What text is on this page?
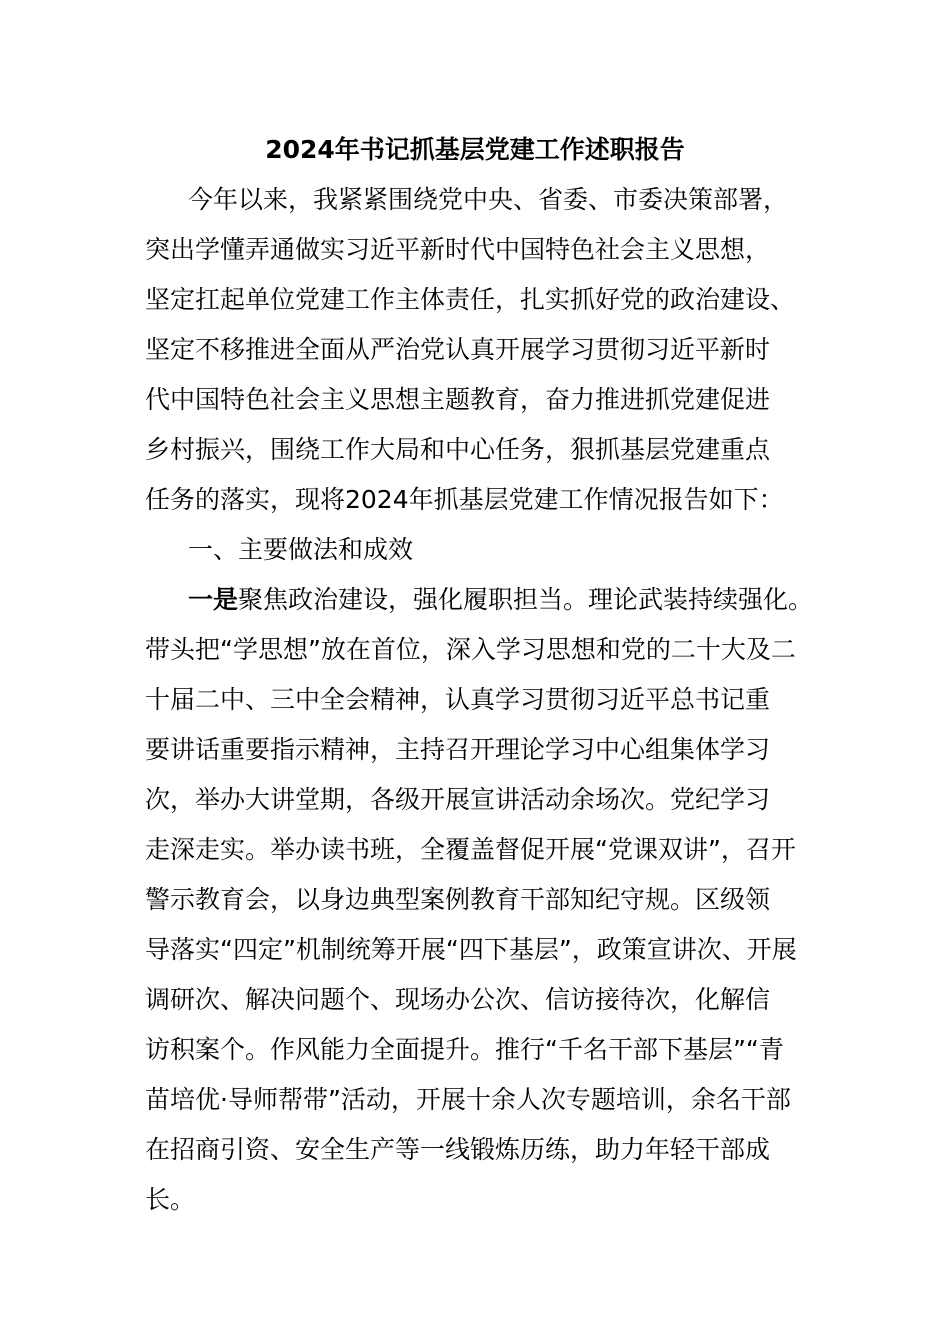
2024年书记抓基层党建工作述职报告
今年以来，我紧紧围绕党中央、省委、市委决策部署，
突出学懂弄通做实习近平新时代中国特色社会主义思想，
坚定扛起单位党建工作主体责任，扎实抓好党的政治建设、
坚定不移推进全面从严治党认真开展学习贯彻习近平新时
代中国特色社会主义思想主题教育，奋力推进抓党建促进
乡村振兴，围绕工作大局和中心任务，狠抓基层党建重点
任务的落实，现将2024年抓基层党建工作情况报告如下：
一、主要做法和成效
一是聚焦政治建设，强化履职担当。理论武装持续强化。
带头把“学思想”放在首位，深入学习思想和党的二十大及二
十届二中、三中全会精神，认真学习贯彻习近平总书记重
要讲话重要指示精神，主持召开理论学习中心组集体学习
次，举办大讲堂期，各级开展宣讲活动余场次。党纪学习
走深走实。举办读书班，全覆盖督促开展“党课双讲”，召开
警示教育会，以身边典型案例教育干部知纪守规。区级领
导落实“四定”机制统筹开展“四下基层”，政策宣讲次、开展
调研次、解决问题个、现场办公次、信访接待次，化解信
访积案个。作风能力全面提升。推行“千名干部下基层”“青
苗培优·导师帮带”活动，开展十余人次专题培训，余名干部
在招商引资、安全生产等一线锻炼历练，助力年轻干部成
长。
